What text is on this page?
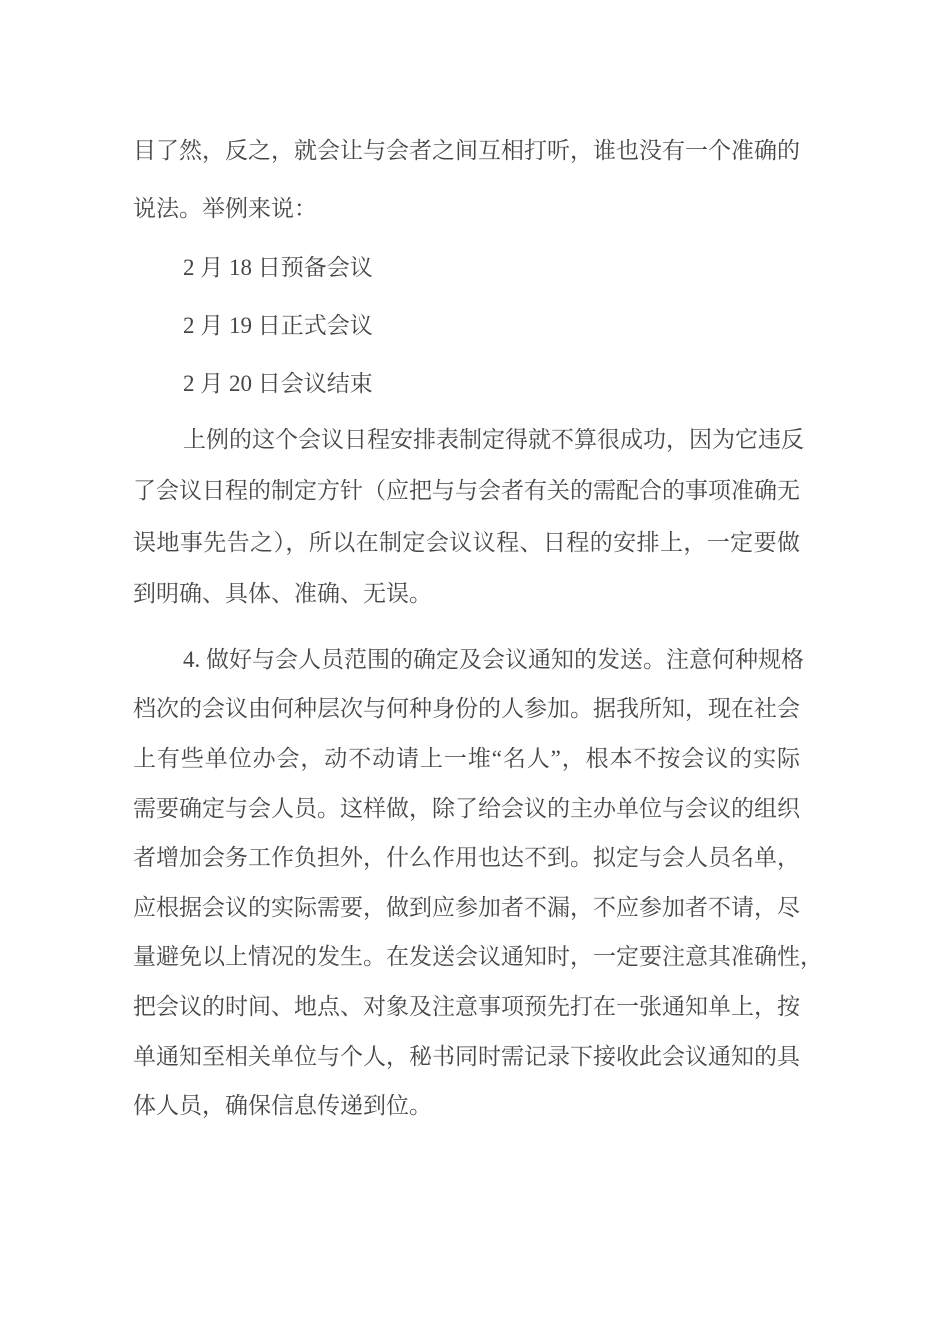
目了然，反之，就会让与会者之间互相打听，谁也没有一个准确的
说法。举例来说：

2 月 18 日预备会议

2 月 19 日正式会议

2 月 20 日会议结束

上例的这个会议日程安排表制定得就不算很成功，因为它违反
了会议日程的制定方针（应把与与会者有关的需配合的事项准确无
误地事先告之），所以在制定会议议程、日程的安排上，一定要做
到明确、具体、准确、无误。

4. 做好与会人员范围的确定及会议通知的发送。注意何种规格
档次的会议由何种层次与何种身份的人参加。据我所知，现在社会
上有些单位办会，动不动请上一堆“名人”，根本不按会议的实际
需要确定与会人员。这样做，除了给会议的主办单位与会议的组织
者增加会务工作负担外，什么作用也达不到。拟定与会人员名单，
应根据会议的实际需要，做到应参加者不漏，不应参加者不请，尽
量避免以上情况的发生。在发送会议通知时，一定要注意其准确性，
把会议的时间、地点、对象及注意事项预先打在一张通知单上，按
单通知至相关单位与个人，秘书同时需记录下接收此会议通知的具
体人员，确保信息传递到位。
